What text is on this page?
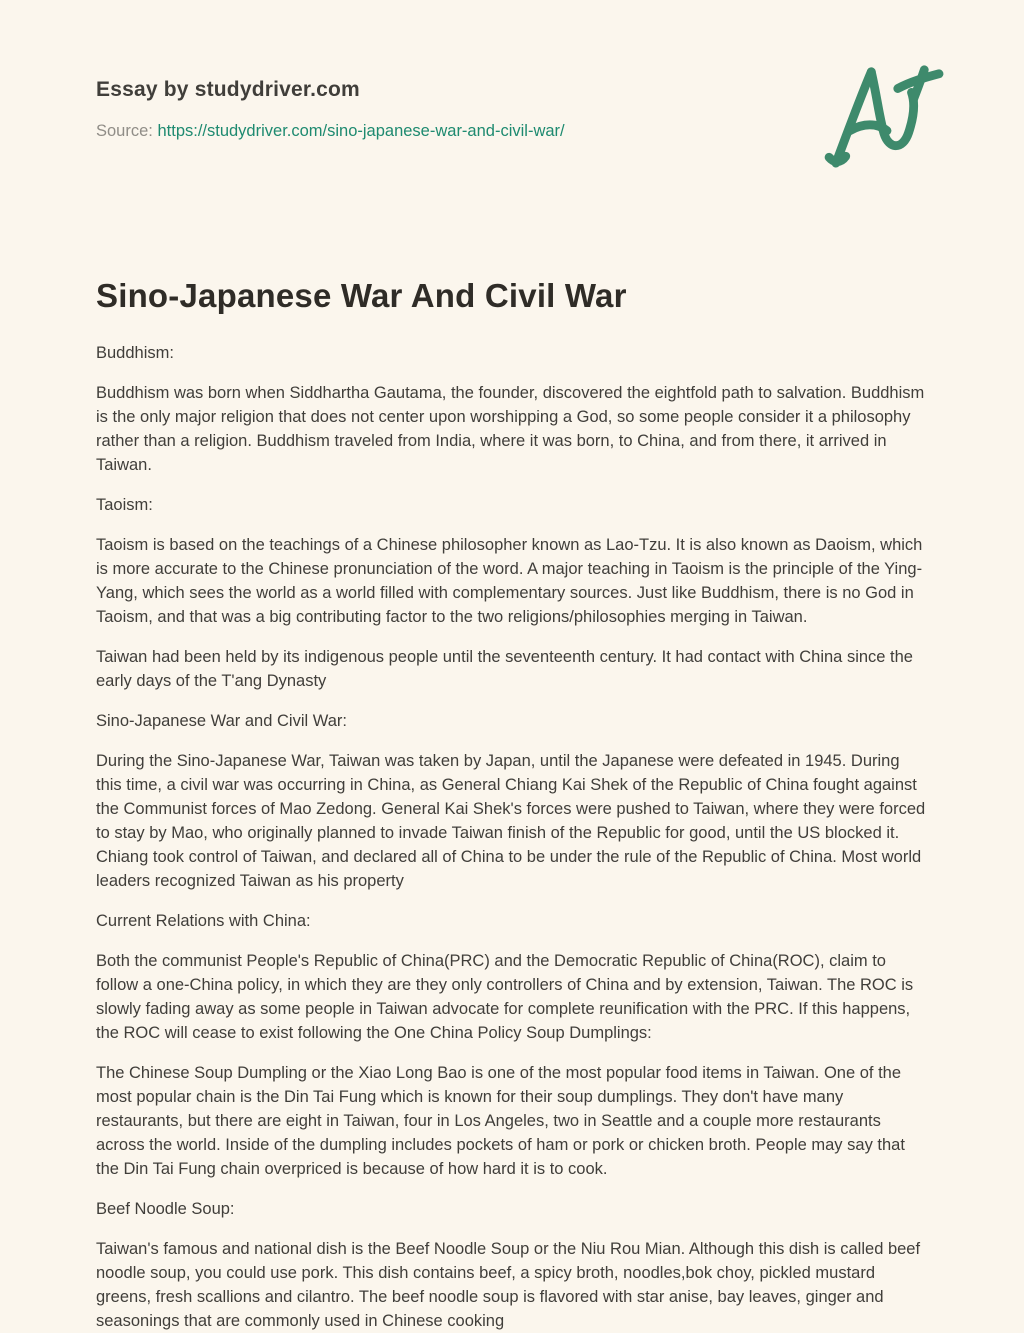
Essay by studydriver.com

Source: https://studydriver.com/sino-japanese-war-and-civil-war/

Sino-Japanese War And Civil War

Buddhism:

Buddhism was born when Siddhartha Gautama, the founder, discovered the eightfold path to salvation. Buddhism is the only major religion that does not center upon worshipping a God, so some people consider it a philosophy rather than a religion. Buddhism traveled from India, where it was born, to China, and from there, it arrived in Taiwan.

Taoism:

Taoism is based on the teachings of a Chinese philosopher known as Lao-Tzu. It is also known as Daoism, which is more accurate to the Chinese pronunciation of the word. A major teaching in Taoism is the principle of the Ying-Yang, which sees the world as a world filled with complementary sources. Just like Buddhism, there is no God in Taoism, and that was a big contributing factor to the two religions/philosophies merging in Taiwan.

Taiwan had been held by its indigenous people until the seventeenth century. It had contact with China since the early days of the T'ang Dynasty

Sino-Japanese War and Civil War:

During the Sino-Japanese War, Taiwan was taken by Japan, until the Japanese were defeated in 1945. During this time, a civil war was occurring in China, as General Chiang Kai Shek of the Republic of China fought against the Communist forces of Mao Zedong. General Kai Shek's forces were pushed to Taiwan, where they were forced to stay by Mao, who originally planned to invade Taiwan finish of the Republic for good, until the US blocked it. Chiang took control of Taiwan, and declared all of China to be under the rule of the Republic of China. Most world leaders recognized Taiwan as his property

Current Relations with China:

Both the communist People's Republic of China(PRC) and the Democratic Republic of China(ROC), claim to follow a one-China policy, in which they are they only controllers of China and by extension, Taiwan. The ROC is slowly fading away as some people in Taiwan advocate for complete reunification with the PRC. If this happens, the ROC will cease to exist following the One China Policy Soup Dumplings:

The Chinese Soup Dumpling or the Xiao Long Bao is one of the most popular food items in Taiwan. One of the most popular chain is the Din Tai Fung which is known for their soup dumplings. They don't have many restaurants, but there are eight in Taiwan, four in Los Angeles, two in Seattle and a couple more restaurants across the world. Inside of the dumpling includes pockets of ham or pork or chicken broth. People may say that the Din Tai Fung chain overpriced is because of how hard it is to cook.

Beef Noodle Soup:

Taiwan's famous and national dish is the Beef Noodle Soup or the Niu Rou Mian. Although this dish is called beef noodle soup, you could use pork. This dish contains beef, a spicy broth, noodles,bok choy, pickled mustard greens, fresh scallions and cilantro. The beef noodle soup is flavored with star anise, bay leaves, ginger and seasonings that are commonly used in Chinese cooking
